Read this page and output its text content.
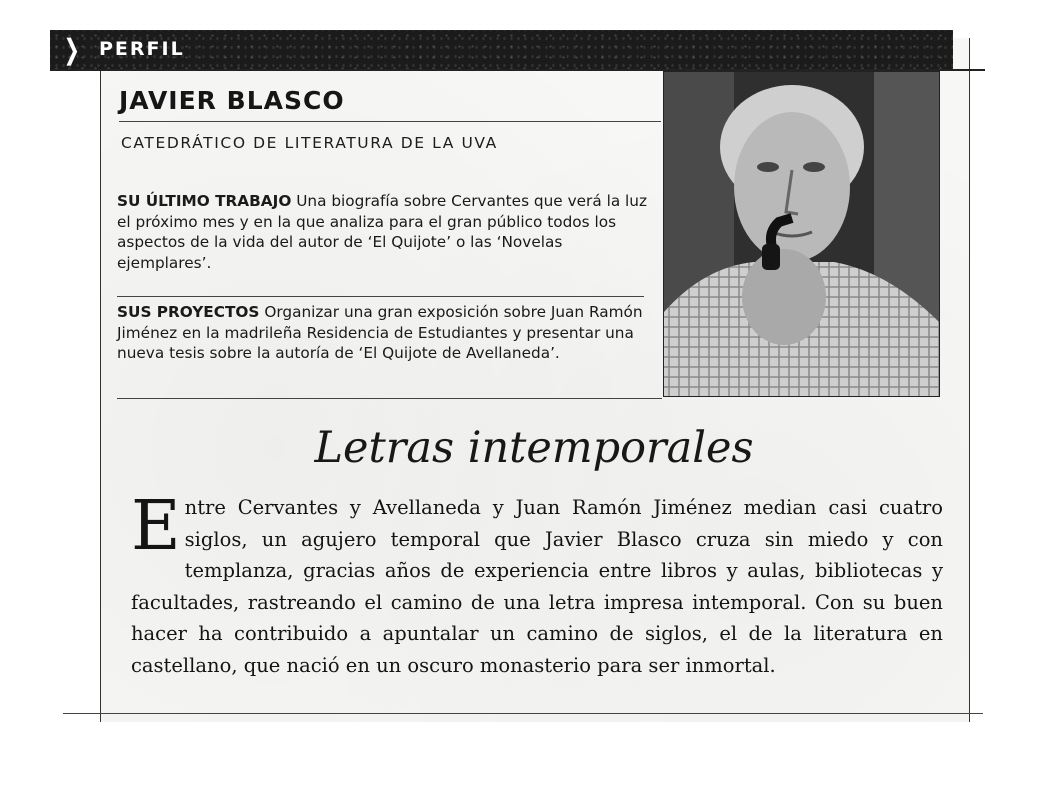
❯ PERFIL
JAVIER BLASCO
CATEDRÁTICO DE LITERATURA DE LA UVA
SU ÚLTIMO TRABAJO Una biografía sobre Cervantes que verá la luz el próximo mes y en la que analiza para el gran público todos los aspectos de la vida del autor de ‘El Quijote’ o las ‘Novelas ejemplares’.
SUS PROYECTOS Organizar una gran exposición sobre Juan Ramón Jiménez en la madrileña Residencia de Estudiantes y presentar una nueva tesis sobre la autoría de ‘El Quijote de Avellaneda’.
Letras intemporales
E ntre Cervantes y Avellaneda y Juan Ramón Jiménez median casi cuatro siglos, un agujero temporal que Javier Blasco cruza sin miedo y con templanza, gracias años de experiencia entre libros y aulas, bibliotecas y facultades, rastreando el camino de una letra impresa intemporal. Con su buen hacer ha contribuido a apuntalar un camino de siglos, el de la literatura en castellano, que nació en un oscuro monasterio para ser inmortal.
